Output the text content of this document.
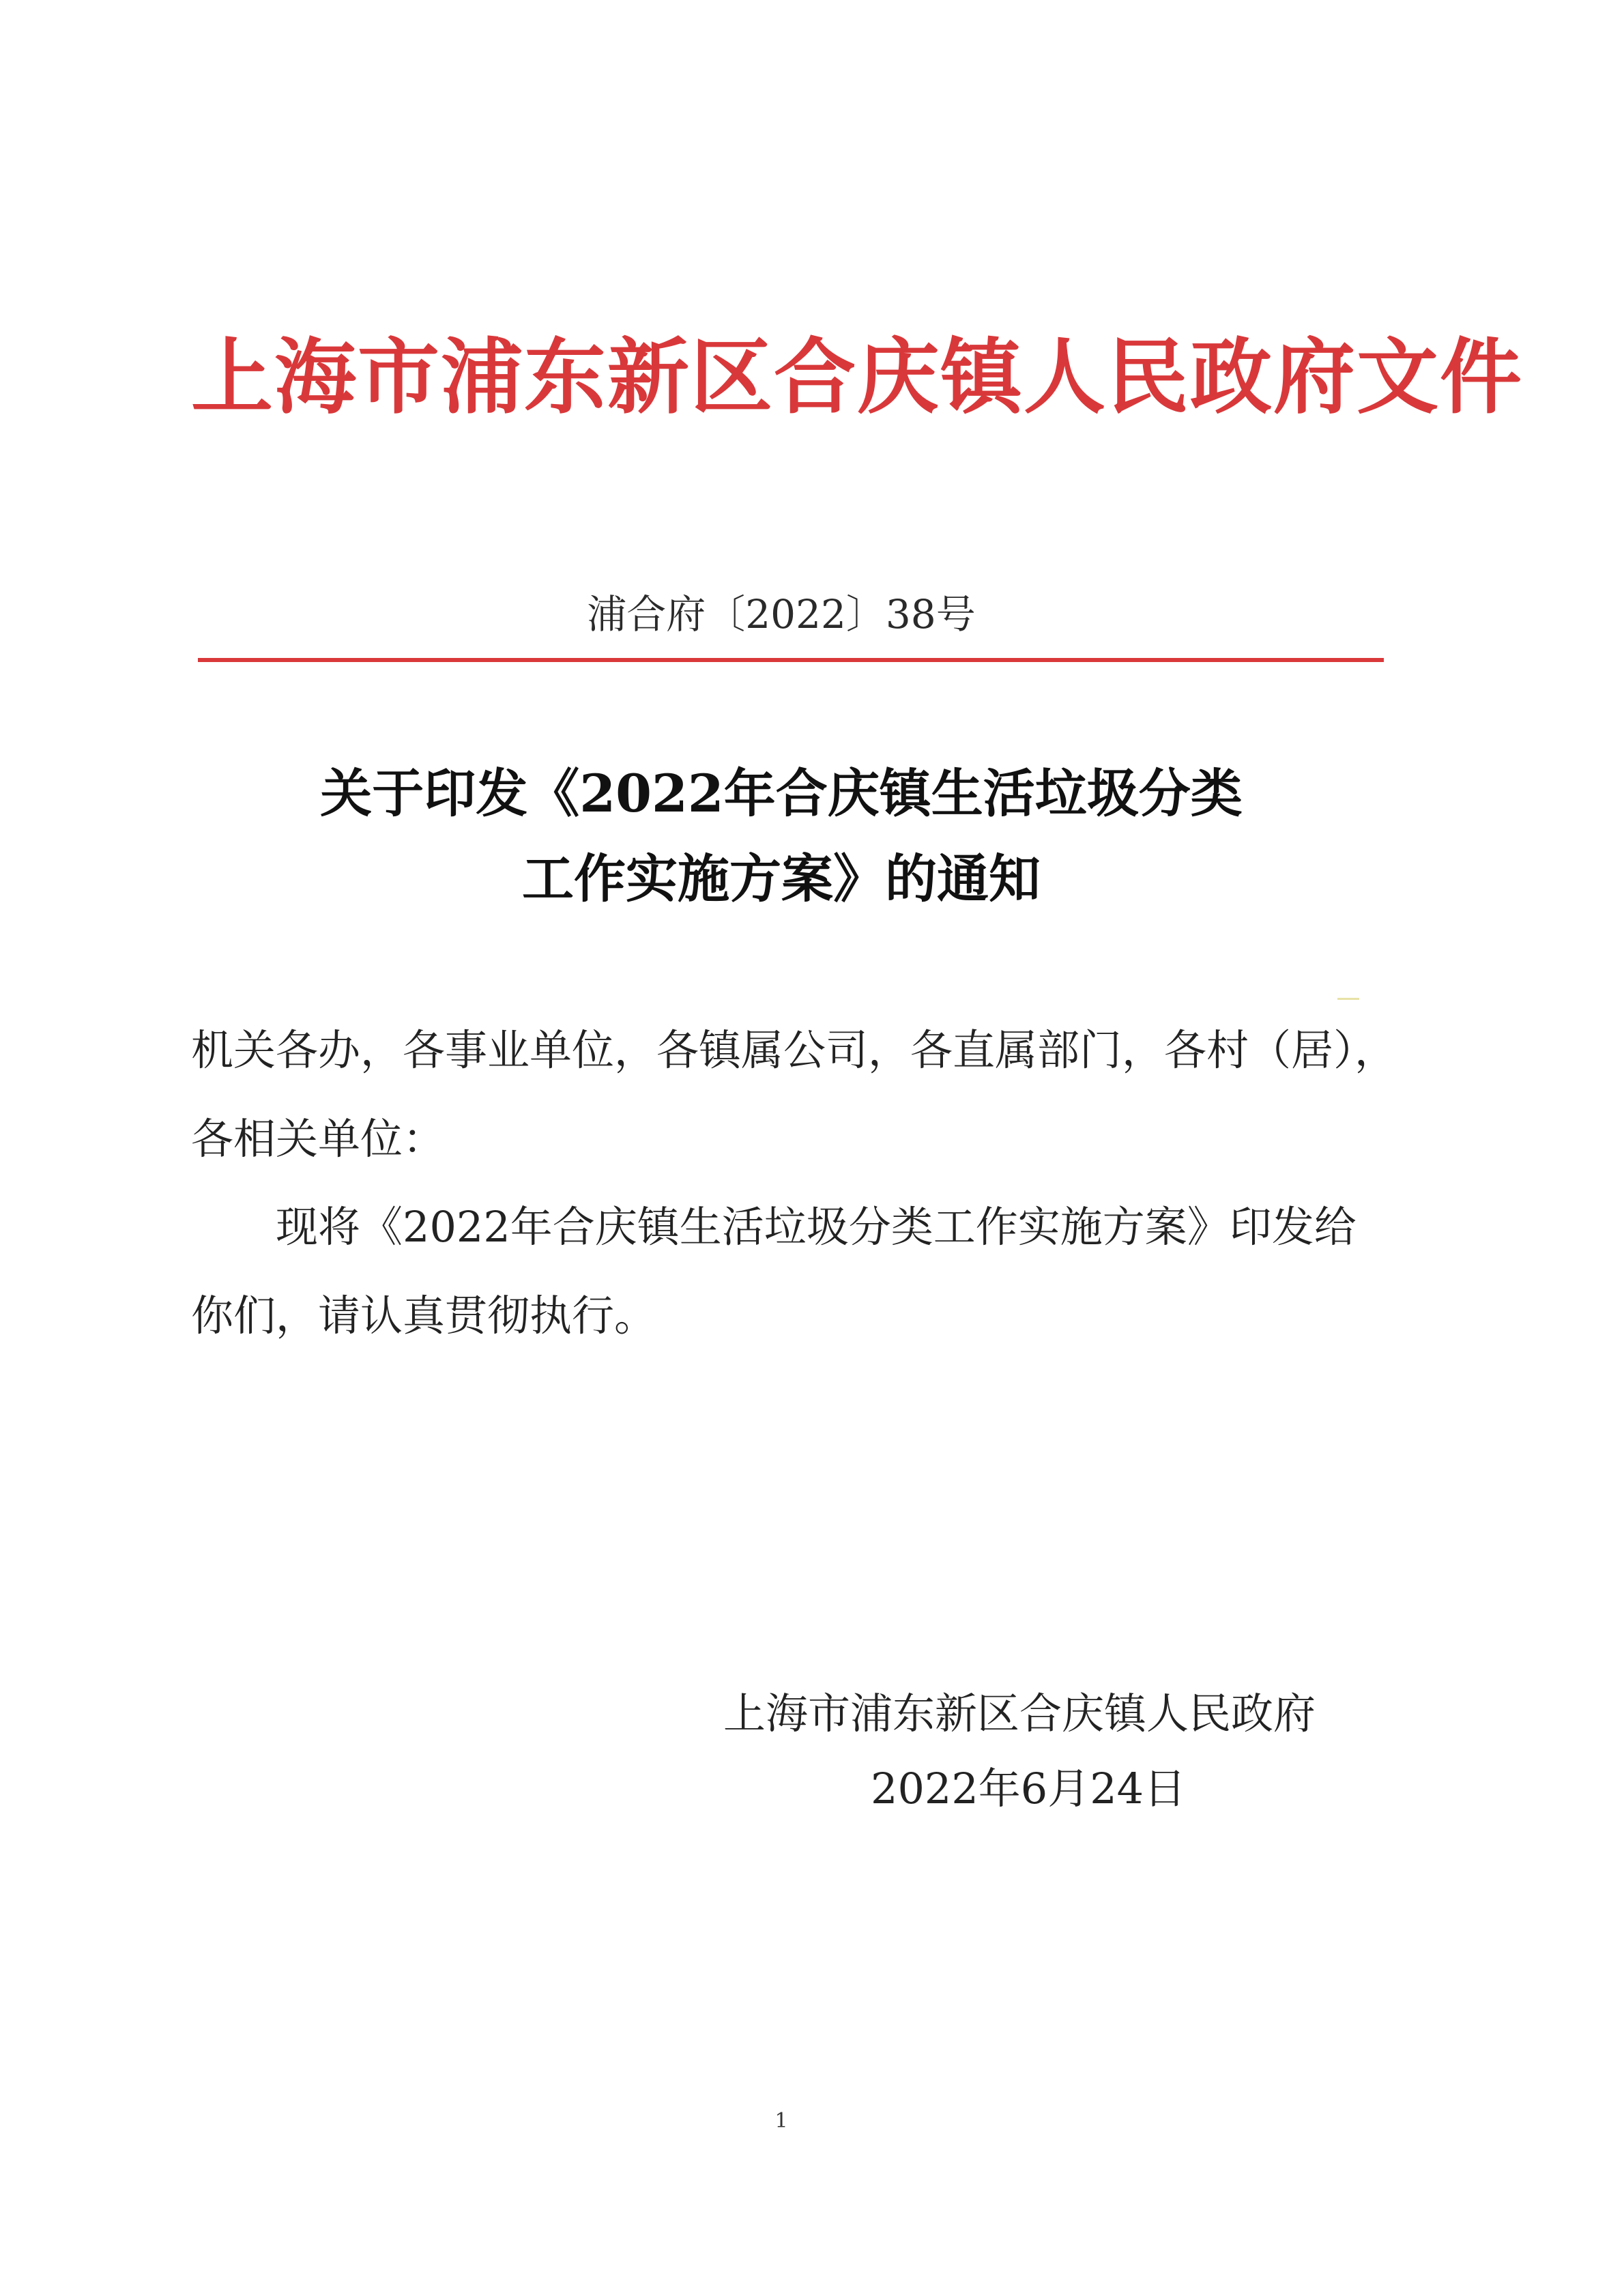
上海市浦东新区合庆镇人民政府文件
浦合府〔2022〕38号
关于印发《2022年合庆镇生活垃圾分类
工作实施方案》的通知
机关各办，各事业单位，各镇属公司，各直属部门，各村（居），
各相关单位：
现将《2022年合庆镇生活垃圾分类工作实施方案》印发给
你们，请认真贯彻执行。
上海市浦东新区合庆镇人民政府
2022年6月24日
1
